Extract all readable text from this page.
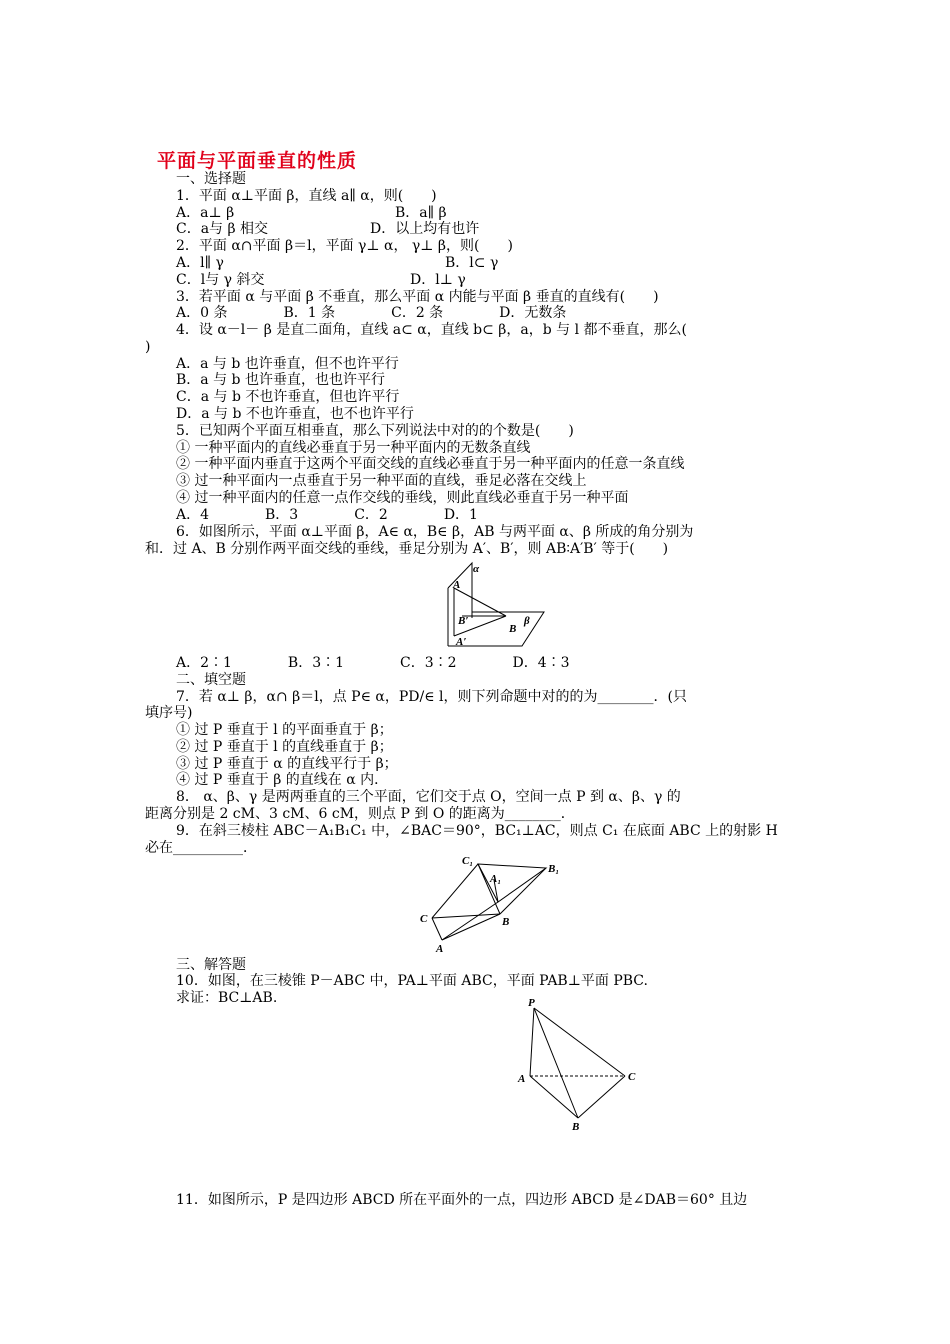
平面与平面垂直的性质
一、选择题
1．平面 α⊥平面 β，直线 a∥ α，则(　　)
A．a⊥ β	B．a∥ β
C．a与 β 相交	D．以上均有也许
2．平面 α∩平面 β＝l，平面 γ⊥ α， γ⊥ β，则(　　)
A．l∥ γ	B．l⊂ γ
C．l与 γ 斜交	D．l⊥ γ
3．若平面 α 与平面 β 不垂直，那么平面 α 内能与平面 β 垂直的直线有(　　)
A．0 条　　　　B．1 条　　　　C．2 条　　　　D．无数条
4．设 α－l－ β 是直二面角，直线 a⊂ α，直线 b⊂ β，a，b 与 l 都不垂直，那么(
)
A．a 与 b 也许垂直，但不也许平行
B．a 与 b 也许垂直，也也许平行
C．a 与 b 不也许垂直，但也许平行
D．a 与 b 不也许垂直，也不也许平行
5．已知两个平面互相垂直，那么下列说法中对的的个数是(　　)
① 一种平面内的直线必垂直于另一种平面内的无数条直线
② 一种平面内垂直于这两个平面交线的直线必垂直于另一种平面内的任意一条直线
③ 过一种平面内一点垂直于另一种平面的直线，垂足必落在交线上
④ 过一种平面内的任意一点作交线的垂线，则此直线必垂直于另一种平面
A．4　　　　B．3　　　　C．2　　　　D．1
6．如图所示，平面 α⊥平面 β，A∈ α，B∈ β，AB 与两平面 α、β 所成的角分别为
和．过 A、B 分别作两平面交线的垂线，垂足分别为 A′、B′，则 AB∶A′B′ 等于(　　)
α
A
B′
B
β
A′
A．2∶1　　　　B．3∶1　　　　C．3∶2　　　　D．4∶3
二、填空题
7．若 α⊥ β，α∩ β＝l，点 P∈ α，PD/∈ l，则下列命题中对的的为________．(只
填序号)
① 过 P 垂直于 l 的平面垂直于 β；
② 过 P 垂直于 l 的直线垂直于 β；
③ 过 P 垂直于 α 的直线平行于 β；
④ 过 P 垂直于 β 的直线在 α 内．
8． α、β、γ 是两两垂直的三个平面，它们交于点 O，空间一点 P 到 α、β、γ 的
距离分别是 2 cM、3 cM、6 cM，则点 P 到 O 的距离为________．
9．在斜三棱柱 ABC－A₁B₁C₁ 中，∠BAC＝90°，BC₁⊥AC，则点 C₁ 在底面 ABC 上的射影 H
必在__________．
C₁
A₁
B₁
C	B
A
三、解答题
10．如图，在三棱锥 P－ABC 中，PA⊥平面 ABC，平面 PAB⊥平面 PBC.
求证：BC⊥AB.	P
A	C
B
11．如图所示，P 是四边形 ABCD 所在平面外的一点，四边形 ABCD 是∠DAB＝60° 且边
